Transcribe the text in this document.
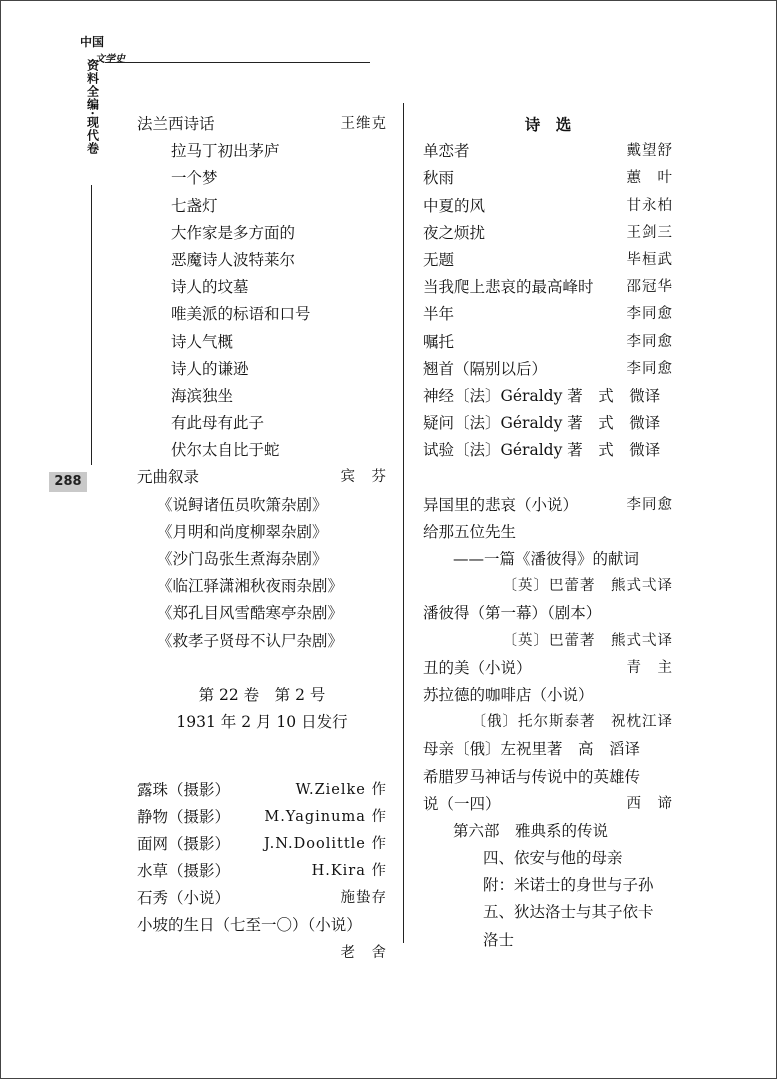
中国
资料全编·现代卷
文学史
288
法兰西诗话	王维克
拉马丁初出茅庐
一个梦
七盏灯
大作家是多方面的
恶魔诗人波特莱尔
诗人的坟墓
唯美派的标语和口号
诗人气概
诗人的谦逊
海滨独坐
有此母有此子
伏尔太自比于蛇
元曲叙录	宾　芬
《说鲟诸伍员吹箫杂剧》
《月明和尚度柳翠杂剧》
《沙门岛张生煮海杂剧》
《临江驿潇湘秋夜雨杂剧》
《郑孔目风雪酷寒亭杂剧》
《救孝子贤母不认尸杂剧》
第 22 卷　第 2 号
1931 年 2 月 10 日发行
露珠（摄影）	W.Zielke 作
静物（摄影） M.Yaginuma 作
面网（摄影） J.N.Doolittle 作
水草（摄影）	H.Kira 作
石秀（小说）	施蛰存
小坡的生日（七至一〇）（小说）
老　舍
诗　选
单恋者	戴望舒
秋雨	蕙　叶
中夏的风	甘永柏
夜之烦扰	王剑三
无题	毕桓武
当我爬上悲哀的最高峰时 邵冠华
半年	李同愈
嘱托	李同愈
翘首（隔别以后）	李同愈
神经〔法〕Géraldy 著　式　微译
疑问〔法〕Géraldy 著　式　微译
试验〔法〕Géraldy 著　式　微译
异国里的悲哀（小说）	李同愈
给那五位先生
——一篇《潘彼得》的献词
〔英〕巴蕾著　熊式弌译
潘彼得（第一幕）（剧本）
〔英〕巴蕾著　熊式弌译
丑的美（小说）	青　主
苏拉德的咖啡店（小说）
〔俄〕托尔斯泰著　祝枕江译
母亲〔俄〕左祝里著　高　滔译
希腊罗马神话与传说中的英雄传
说（一四）	西　谛
第六部　雅典系的传说
四、依安与他的母亲
附：米诺士的身世与子孙
五、狄达洛士与其子依卡
洛士
